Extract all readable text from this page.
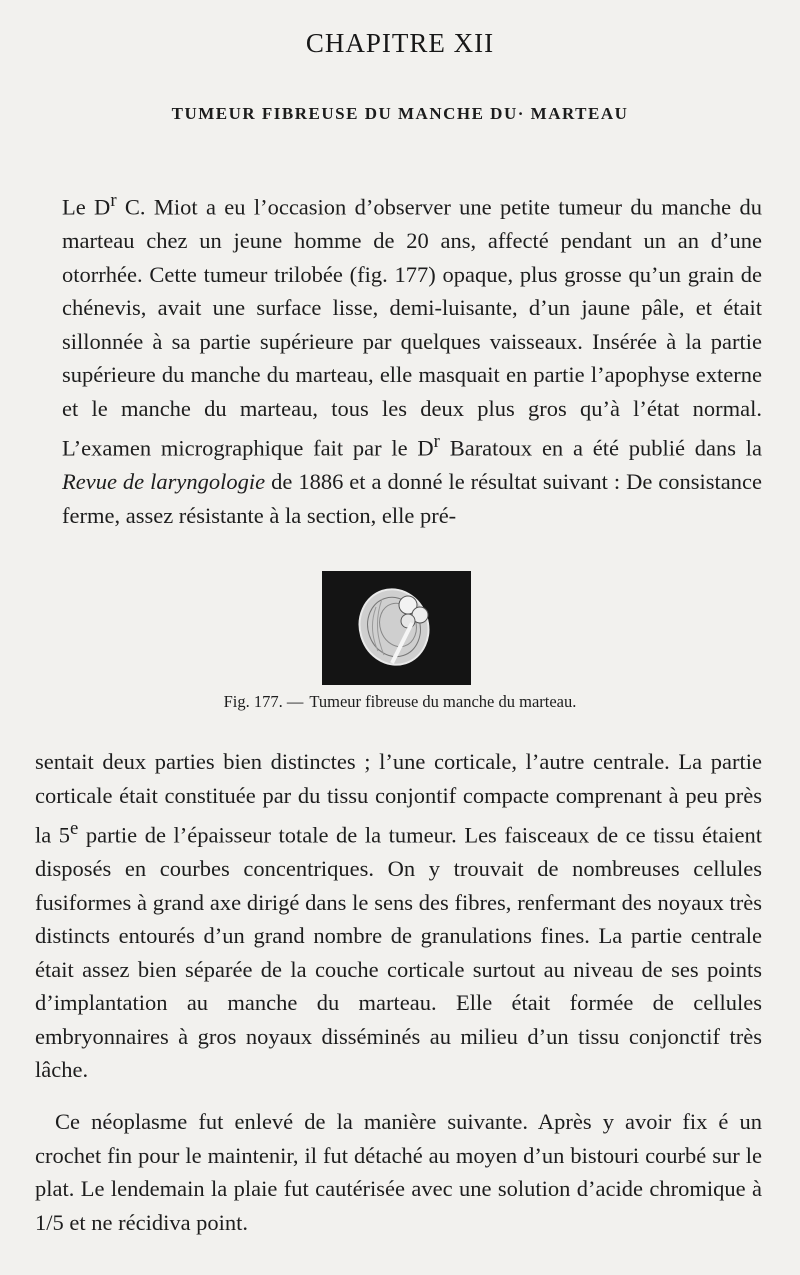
CHAPITRE XII
TUMEUR FIBREUSE DU MANCHE DU· MARTEAU

Le $D^r$ C. Miot a eu l’occasion d’observer une petite tumeur du manche du marteau chez un jeune homme de 20 ans, affecté pendant un an d’une otorrhée. Cette tumeur trilobée (fig. 177) opaque, plus grosse qu’un grain de chénevis, avait une surface lisse, demi-luisante, d’un jaune pâle, et était sillonnée à sa partie supérieure par quelques vaisseaux. Insérée à la partie supérieure du manche du marteau, elle masquait en partie l’apophyse externe et le manche du marteau, tous les deux plus gros qu’à l’état normal. L’examen micrographique fait par le $D^r$ Baratoux en a été publié dans la Revue de laryngologie de 1886 et a donné le résultat suivant : De consistance ferme, assez résistante à la section, elle pré-

Fig. 177. — Tumeur fibreuse du manche du marteau.

sentait deux parties bien distinctes ; l’une corticale, l’autre centrale. La partie corticale était constituée par du tissu conjontif compacte comprenant à peu près la 5e partie de l’épaisseur totale de la tumeur. Les faisceaux de ce tissu étaient disposés en courbes concentriques. On y trouvait de nombreuses cellules fusiformes à grand axe dirigé dans le sens des fibres, renfermant des noyaux très distincts entourés d’un grand nombre de granulations fines. La partie centrale était assez bien séparée de la couche corticale surtout au niveau de ses points d’implantation au manche du marteau. Elle était formée de cellules embryonnaires à gros noyaux disséminés au milieu d’un tissu conjonctif très lâche.

Ce néoplasme fut enlevé de la manière suivante. Après y avoir fix é un crochet fin pour le maintenir, il fut détaché au moyen d’un bistouri courbé sur le plat. Le lendemain la plaie fut cautérisée avec une solution d’acide chromique à 1/5 et ne récidiva point.
